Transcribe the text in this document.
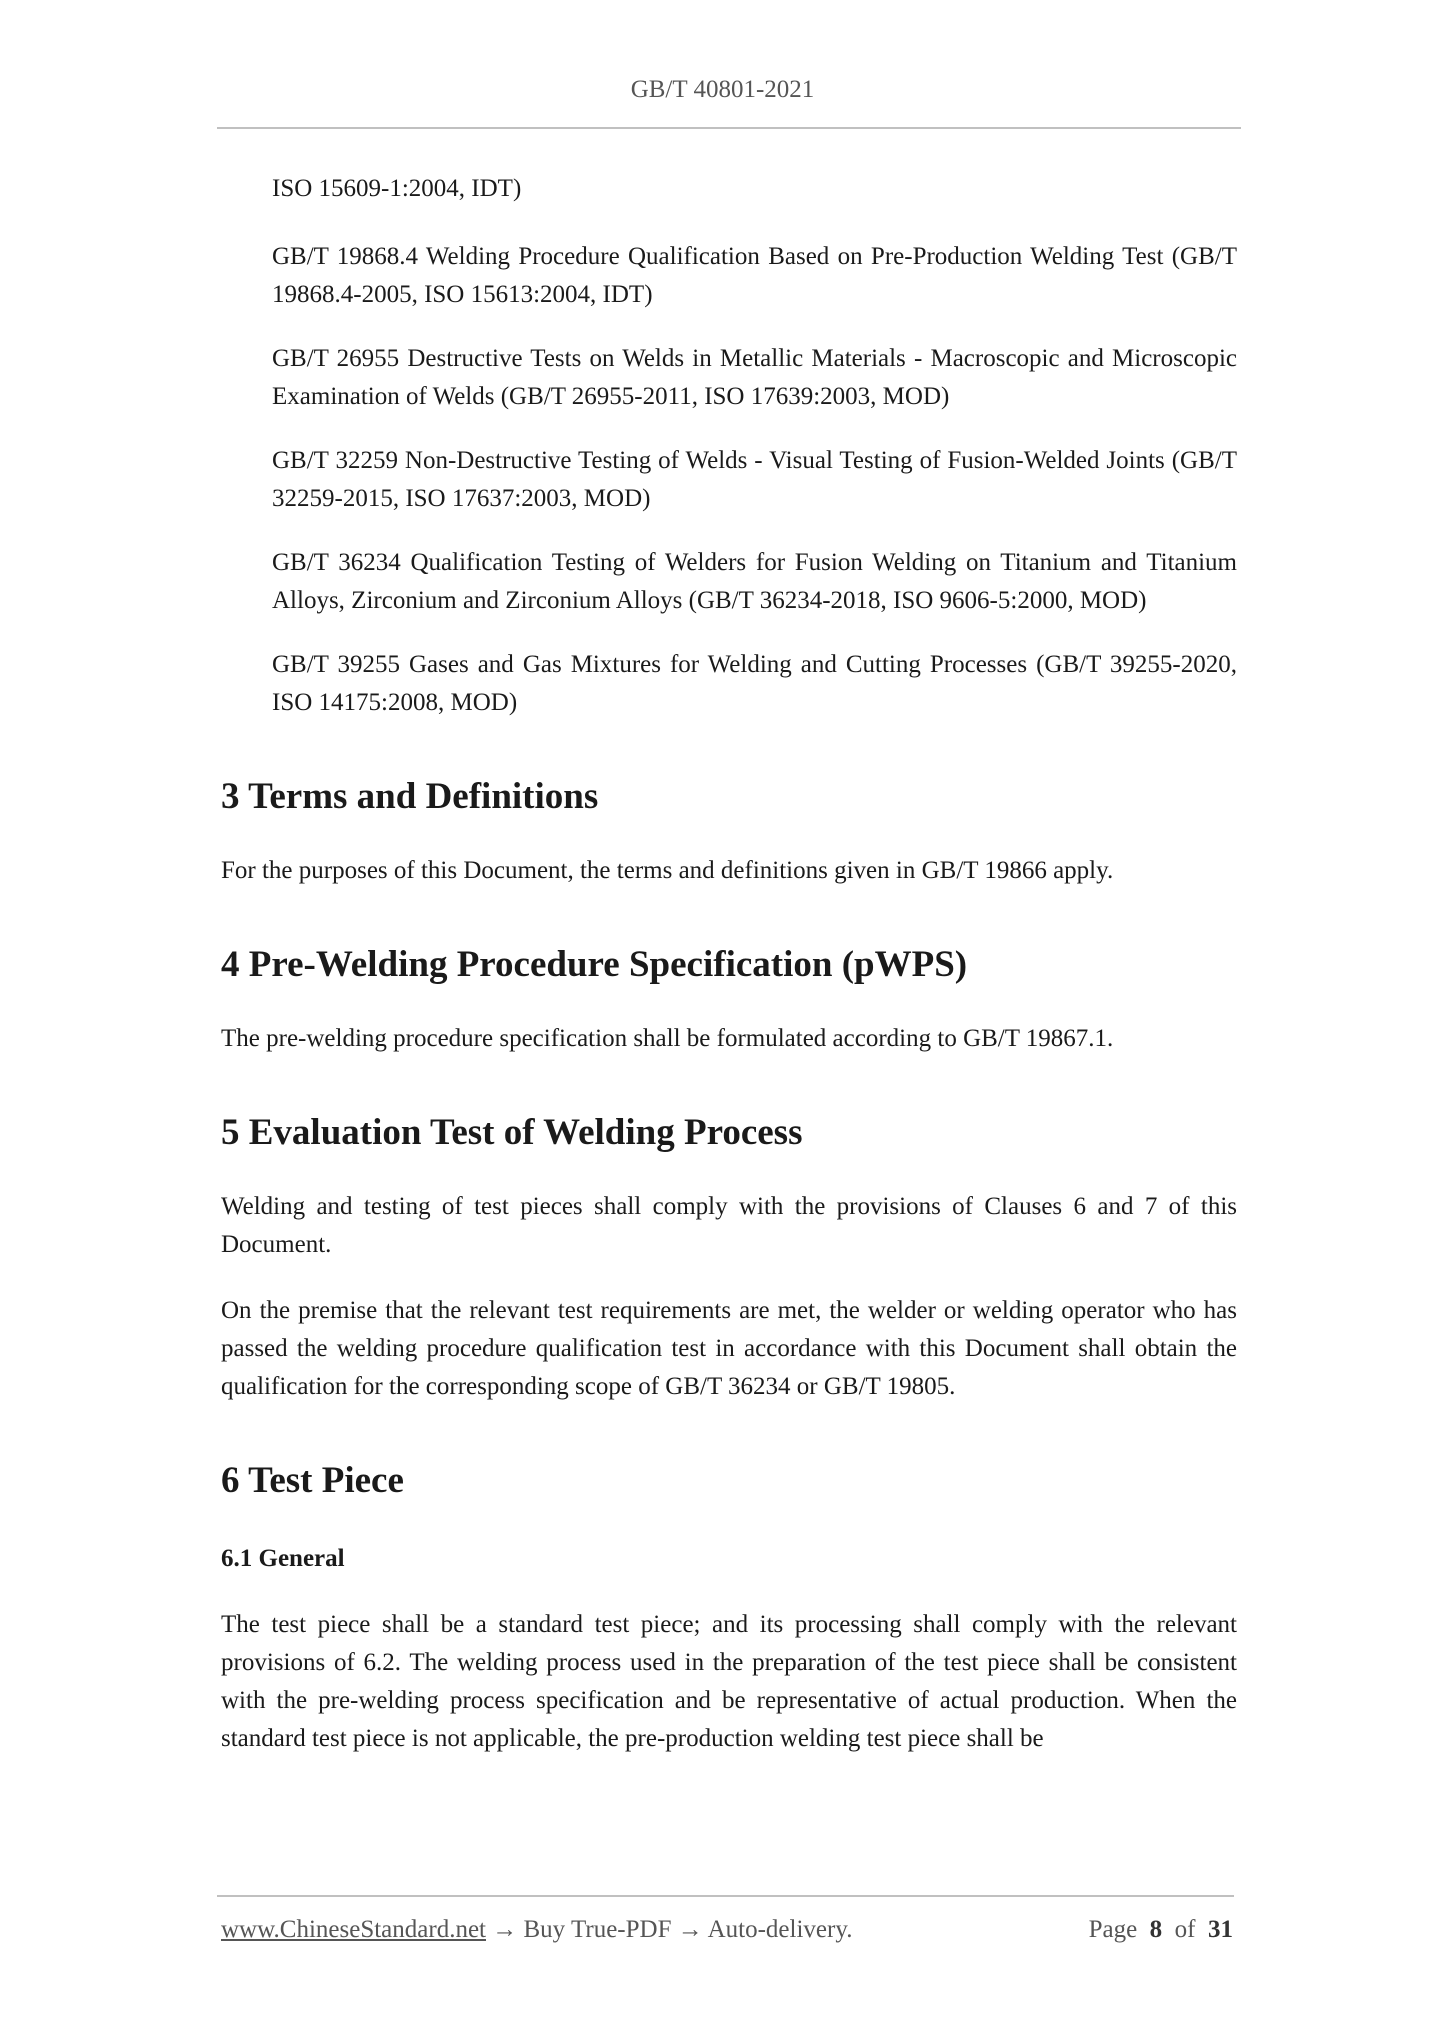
GB/T 40801-2021

ISO 15609-1:2004, IDT)

GB/T 19868.4 Welding Procedure Qualification Based on Pre-Production Welding Test (GB/T 19868.4-2005, ISO 15613:2004, IDT)

GB/T 26955 Destructive Tests on Welds in Metallic Materials - Macroscopic and Microscopic Examination of Welds (GB/T 26955-2011, ISO 17639:2003, MOD)

GB/T 32259 Non-Destructive Testing of Welds - Visual Testing of Fusion-Welded Joints (GB/T 32259-2015, ISO 17637:2003, MOD)

GB/T 36234 Qualification Testing of Welders for Fusion Welding on Titanium and Titanium Alloys, Zirconium and Zirconium Alloys (GB/T 36234-2018, ISO 9606-5:2000, MOD)

GB/T 39255 Gases and Gas Mixtures for Welding and Cutting Processes (GB/T 39255-2020, ISO 14175:2008, MOD)

3 Terms and Definitions

For the purposes of this Document, the terms and definitions given in GB/T 19866 apply.

4 Pre-Welding Procedure Specification (pWPS)

The pre-welding procedure specification shall be formulated according to GB/T 19867.1.

5 Evaluation Test of Welding Process

Welding and testing of test pieces shall comply with the provisions of Clauses 6 and 7 of this Document.

On the premise that the relevant test requirements are met, the welder or welding operator who has passed the welding procedure qualification test in accordance with this Document shall obtain the qualification for the corresponding scope of GB/T 36234 or GB/T 19805.

6 Test Piece
6.1 General

The test piece shall be a standard test piece; and its processing shall comply with the relevant provisions of 6.2. The welding process used in the preparation of the test piece shall be consistent with the pre-welding process specification and be representative of actual production. When the standard test piece is not applicable, the pre-production welding test piece shall be

www.ChineseStandard.net → Buy True-PDF → Auto-delivery.	Page 8 of 31
